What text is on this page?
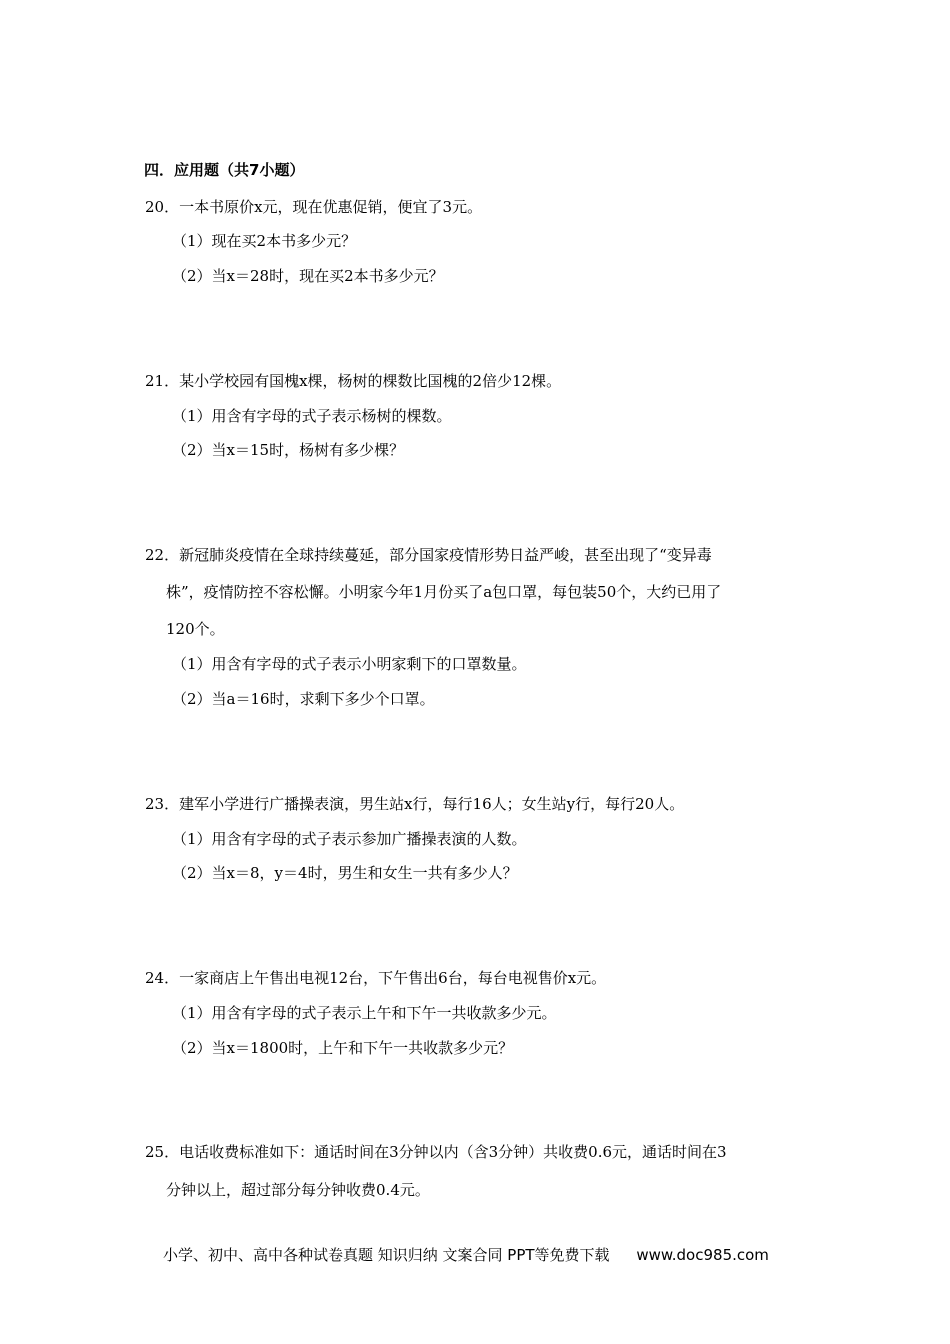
四．应用题（共7小题）
20．一本书原价x元，现在优惠促销，便宜了3元。
（1）现在买2本书多少元？
（2）当x＝28时，现在买2本书多少元？
21．某小学校园有国槐x棵，杨树的棵数比国槐的2倍少12棵。
（1）用含有字母的式子表示杨树的棵数。
（2）当x＝15时，杨树有多少棵？
22．新冠肺炎疫情在全球持续蔓延，部分国家疫情形势日益严峻，甚至出现了“变异毒
株”，疫情防控不容松懈。小明家今年1月份买了a包口罩，每包装50个，大约已用了
120个。
（1）用含有字母的式子表示小明家剩下的口罩数量。
（2）当a＝16时，求剩下多少个口罩。
23．建军小学进行广播操表演，男生站x行，每行16人；女生站y行，每行20人。
（1）用含有字母的式子表示参加广播操表演的人数。
（2）当x＝8，y＝4时，男生和女生一共有多少人？
24．一家商店上午售出电视12台，下午售出6台，每台电视售价x元。
（1）用含有字母的式子表示上午和下午一共收款多少元。
（2）当x＝1800时，上午和下午一共收款多少元？
25．电话收费标准如下：通话时间在3分钟以内（含3分钟）共收费0.6元，通话时间在3
分钟以上，超过部分每分钟收费0.4元。
小学、初中、高中各种试卷真题 知识归纳 文案合同 PPT等免费下载 www.doc985.com
